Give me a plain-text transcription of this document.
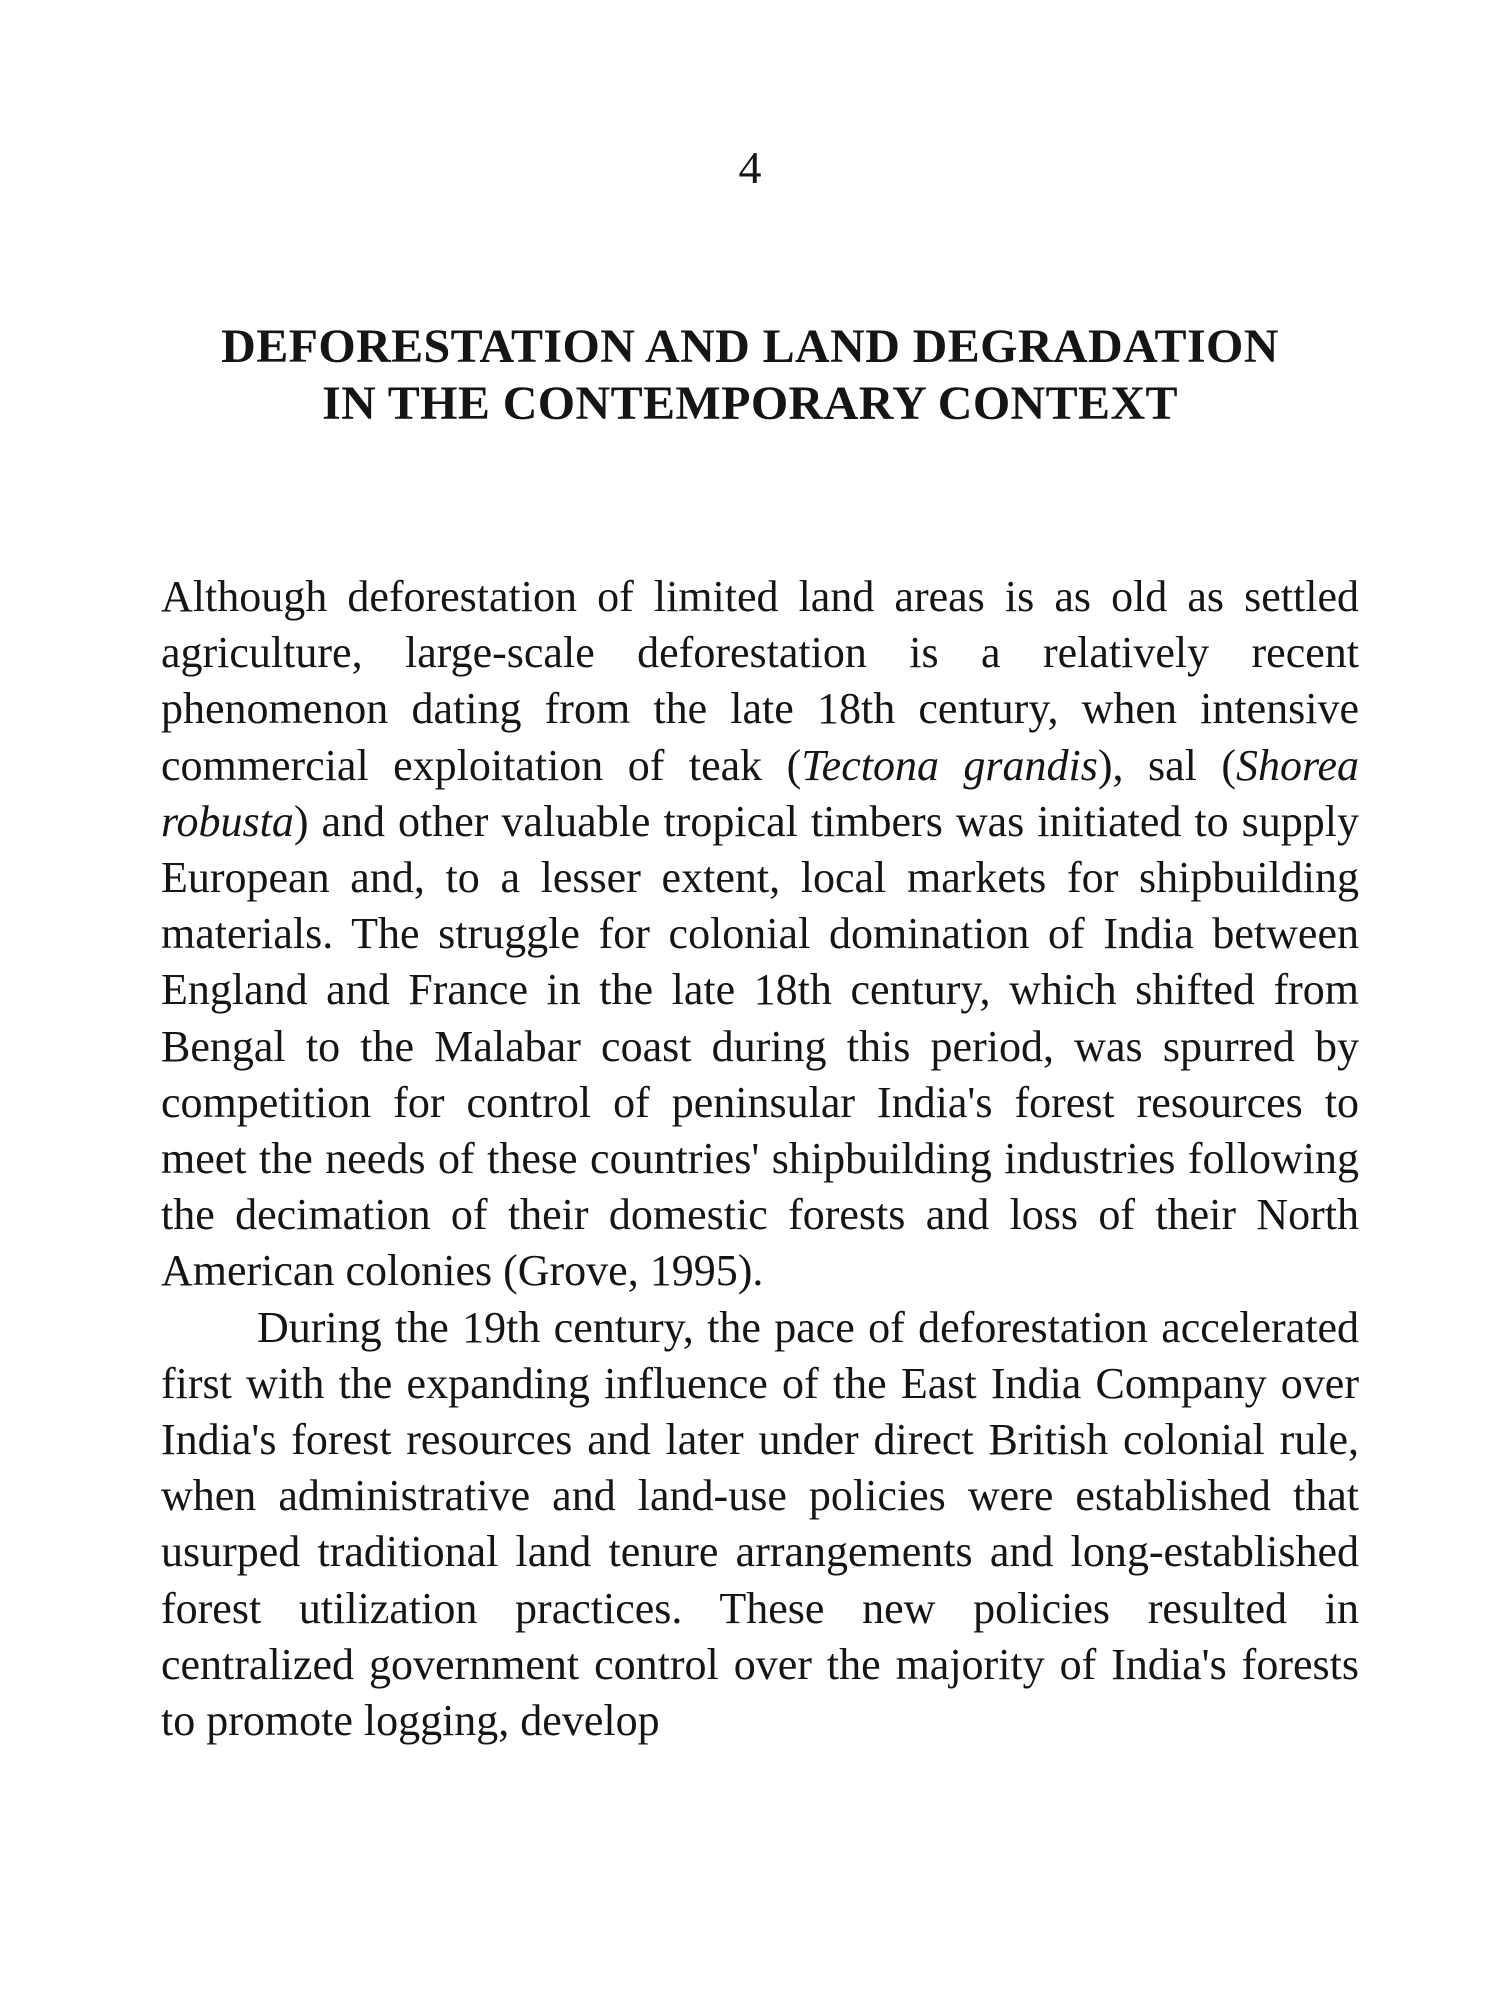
4
DEFORESTATION AND LAND DEGRADATION
IN THE CONTEMPORARY CONTEXT

Although deforestation of limited land areas is as old as settled agriculture, large-scale deforestation is a relatively recent phenomenon dating from the late 18th century, when intensive commercial exploitation of teak (Tectona grandis), sal (Shorea robusta) and other valuable tropical timbers was initiated to supply European and, to a lesser extent, local markets for shipbuilding materials. The struggle for colonial domination of India between England and France in the late 18th century, which shifted from Bengal to the Malabar coast during this period, was spurred by competition for control of peninsular India's forest resources to meet the needs of these countries' shipbuilding industries following the decimation of their domestic forests and loss of their North American colonies (Grove, 1995).

During the 19th century, the pace of deforestation accelerated first with the expanding influence of the East India Company over India's forest resources and later under direct British colonial rule, when administrative and land-use policies were established that usurped traditional land tenure arrangements and long-established forest utilization practices. These new policies resulted in centralized government control over the majority of India's forests to promote logging, develop
